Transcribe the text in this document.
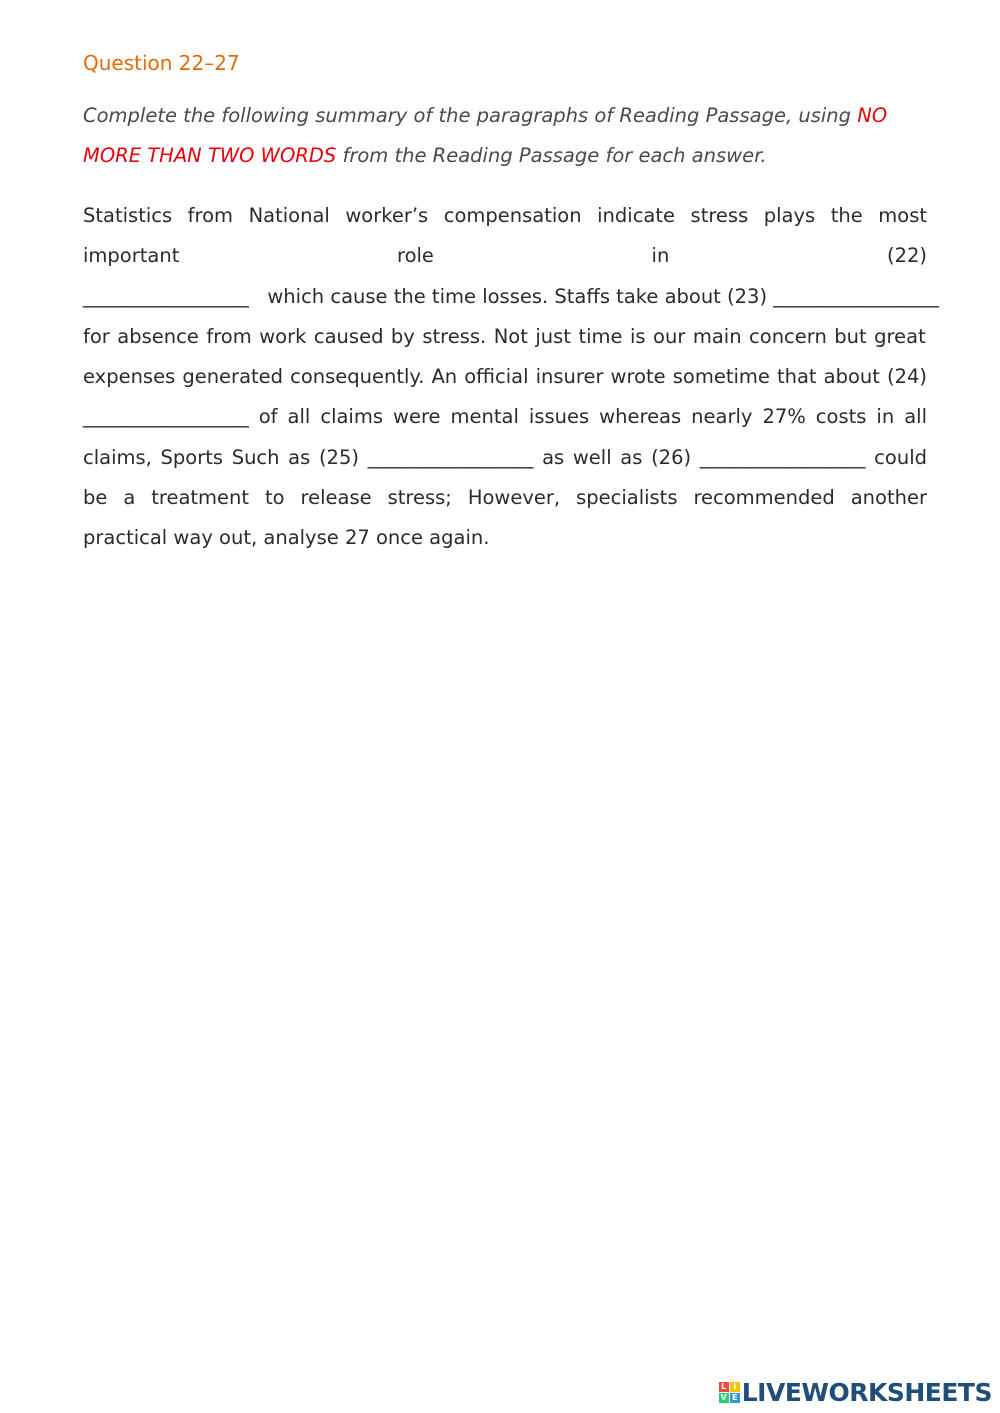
Question 22–27

Complete the following summary of the paragraphs of Reading Passage, using NO MORE THAN TWO WORDS from the Reading Passage for each answer.

Statistics from National worker’s compensation indicate stress plays the most important role in (22) _________________   which cause the time losses. Staffs take about (23) _________________ for absence from work caused by stress. Not just time is our main concern but great expenses generated consequently. An official insurer wrote sometime that about (24) _________________ of all claims were mental issues whereas nearly 27% costs in all claims, Sports Such as (25) _________________ as well as (26) _________________ could be a treatment to release stress; However, specialists recommended another practical way out, analyse 27 once again.

L I
V E LIVEWORKSHEETS
